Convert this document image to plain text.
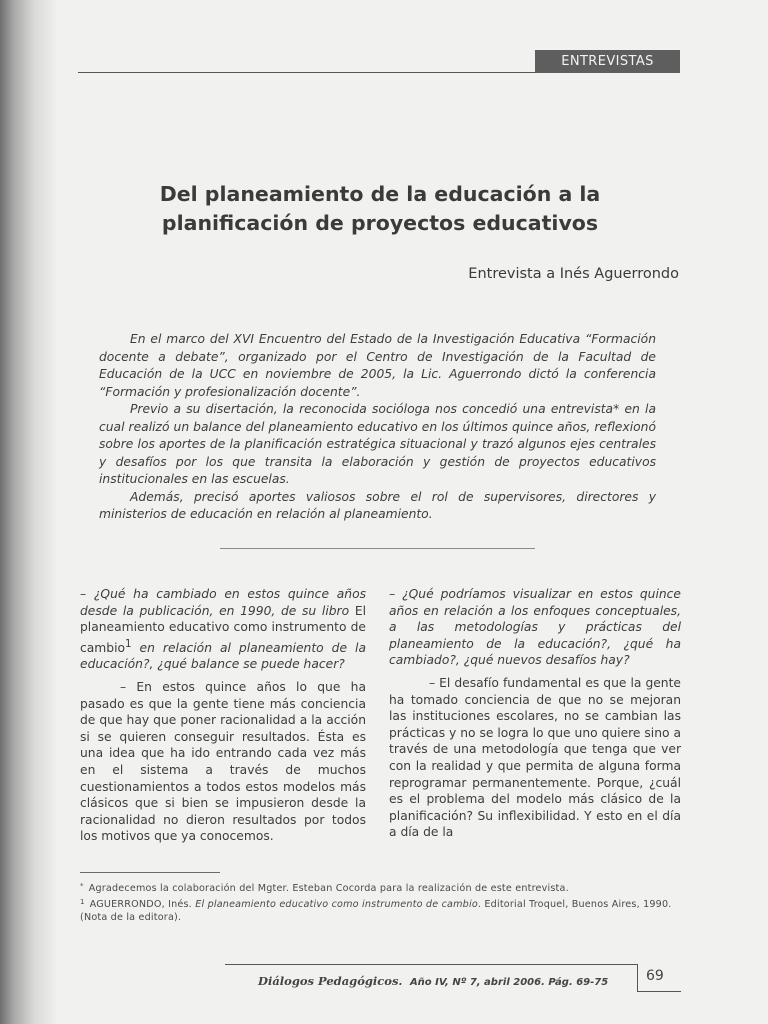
ENTREVISTAS
Del planeamiento de la educación a la
planificación de proyectos educativos
Entrevista a Inés Aguerrondo

En el marco del XVI Encuentro del Estado de la Investigación Educativa “Formación docente a debate”, organizado por el Centro de Investigación de la Facultad de Educación de la UCC en noviembre de 2005, la Lic. Aguerrondo dictó la conferencia “Formación y profesionalización docente”.

Previo a su disertación, la reconocida socióloga nos concedió una entrevista* en la cual realizó un balance del planeamiento educativo en los últimos quince años, reflexionó sobre los aportes de la planificación estratégica situacional y trazó algunos ejes centrales y desafíos por los que transita la elaboración y gestión de proyectos educativos institucionales en las escuelas.

Además, precisó aportes valiosos sobre el rol de supervisores, directores y ministerios de educación en relación al planeamiento.

– ¿Qué ha cambiado en estos quince años desde la publicación, en 1990, de su libro El planeamiento educativo como instrumento de cambio$^1$ en relación al planeamiento de la educación?, ¿qué balance se puede hacer?

– En estos quince años lo que ha pasado es que la gente tiene más conciencia de que hay que poner racionalidad a la acción si se quieren conseguir resultados. Ésta es una idea que ha ido entrando cada vez más en el sistema a través de muchos cuestionamientos a todos estos modelos más clásicos que si bien se impusieron desde la racionalidad no dieron resultados por todos los motivos que ya conocemos.

– ¿Qué podríamos visualizar en estos quince años en relación a los enfoques conceptuales, a las metodologías y prácticas del planeamiento de la educación?, ¿qué ha cambiado?, ¿qué nuevos desafíos hay?

– El desafío fundamental es que la gente ha tomado conciencia de que no se mejoran las instituciones escolares, no se cambian las prácticas y no se logra lo que uno quiere sino a través de una metodología que tenga que ver con la realidad y que permita de alguna forma reprogramar permanentemente. Porque, ¿cuál es el problema del modelo más clásico de la planificación? Su inflexibilidad. Y esto en el día a día de la

* Agradecemos la colaboración del Mgter. Esteban Cocorda para la realización de este entrevista.
$^1$ AGUERRONDO, Inés. El planeamiento educativo como instrumento de cambio. Editorial Troquel, Buenos Aires, 1990. (Nota de la editora).
Diálogos Pedagógicos. Año IV, Nº 7, abril 2006. Pág. 69-75	69
